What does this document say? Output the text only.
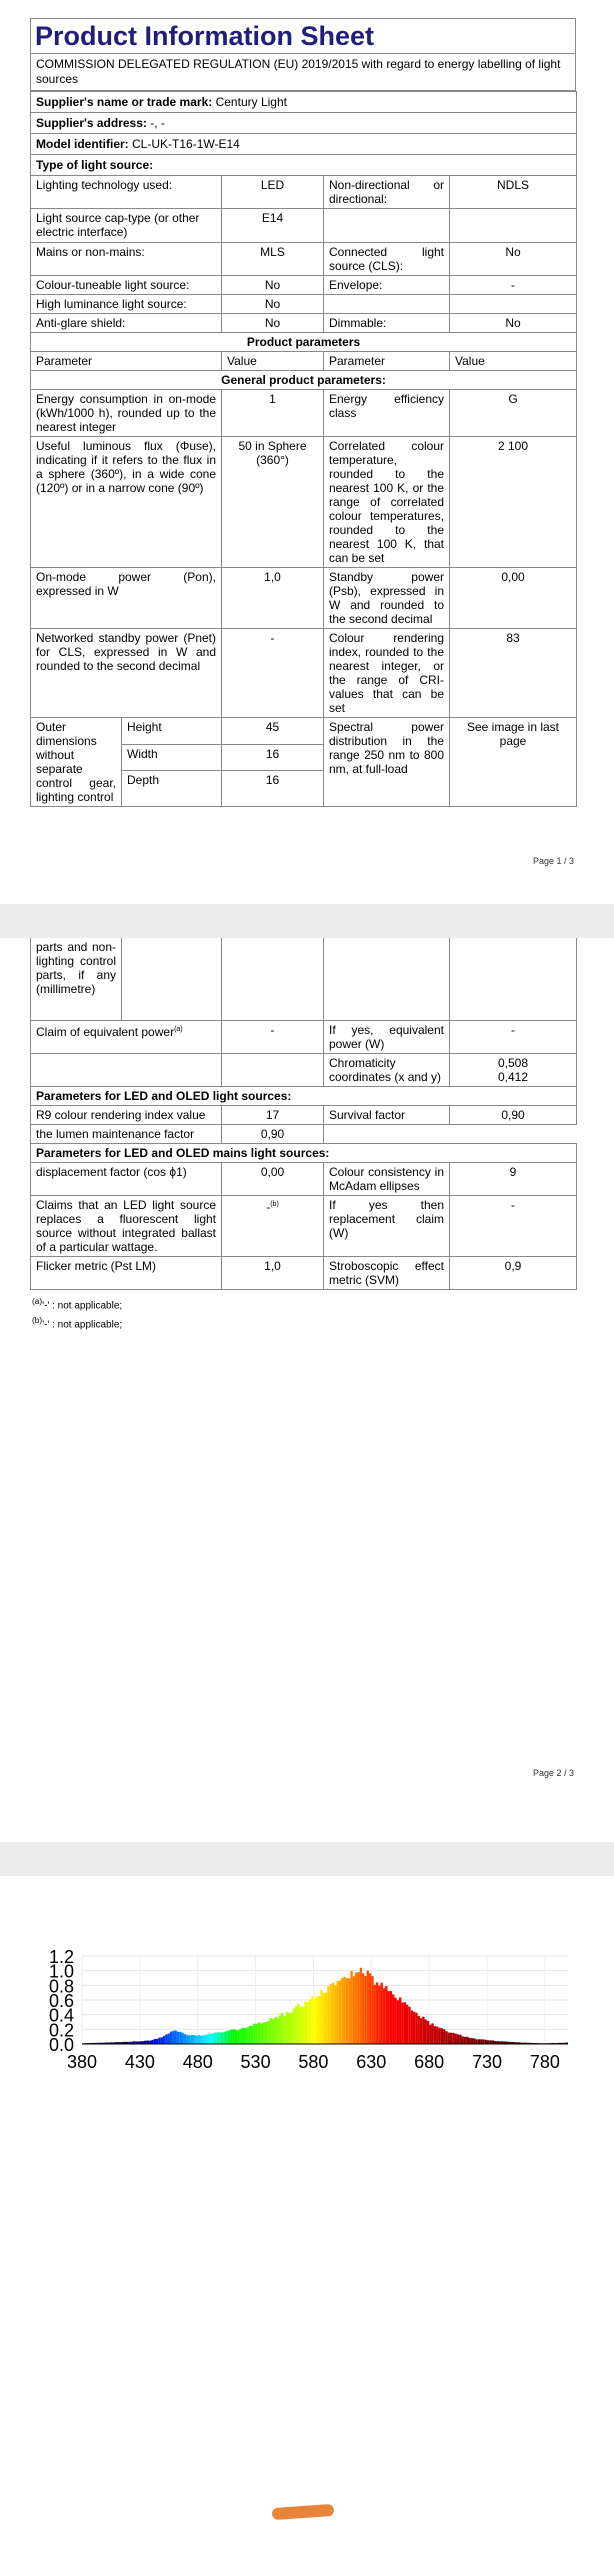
Product Information Sheet
COMMISSION DELEGATED REGULATION (EU) 2019/2015 with regard to energy labelling of light sources
Supplier's name or trade mark: Century Light				
Supplier's address: -, -				
Model identifier: CL-UK-T16-1W-E14				
Type of light source:				
Lighting technology used:		LED	Non-directional or directional:	NDLS
Light source cap-type (or other electric interface)		E14		
Mains or non-mains:		MLS	Connected light source (CLS):	No
Colour-tuneable light source:		No	Envelope:	-
High luminance light source:		No		
Anti-glare shield:		No	Dimmable:	No
Product parameters				
Parameter		Value	Parameter	Value
General product parameters:				
Energy consumption in on-mode (kWh/1000 h), rounded up to the nearest integer		1	Energy efficiency class	G
Useful luminous flux (Φuse), indicating if it refers to the flux in a sphere (360º), in a wide cone (120º) or in a narrow cone (90º)		50 in Sphere (360°)	Correlated colour temperature, rounded to the nearest 100 K, or the range of correlated colour temperatures, rounded to the nearest 100 K, that can be set	2 100
On-mode power (Pon), expressed in W		1,0	Standby power (Psb), expressed in W and rounded to the second decimal	0,00
Networked standby power (Pnet) for CLS, expressed in W and rounded to the second decimal		-	Colour rendering index, rounded to the nearest integer, or the range of CRI-values that can be set	83
Outer dimensions without separate control gear, lighting control	Height	45	Spectral power distribution in the range 250 nm to 800 nm, at full-load	See image in last page
	Width	16		
	Depth	16		
Page 1 / 3
parts and non-lighting control parts, if any (millimetre)				
Claim of equivalent power$^{(a)}$		-	If yes, equivalent power (W)	-
			Chromaticity coordinates (x and y)	0,508
0,412

Parameters for LED and OLED light sources:				
R9 colour rendering index value		17	Survival factor	0,90
the lumen maintenance factor		0,90		
Parameters for LED and OLED mains light sources:				
displacement factor (cos ϕ1)		0,00	Colour consistency in McAdam ellipses	9
Claims that an LED light source replaces a fluorescent light source without integrated ballast of a particular wattage.		-$^{(b)}$	If yes then replacement claim (W)	-
Flicker metric (Pst LM)		1,0	Stroboscopic effect metric (SVM)	0,9
$^{(a)}$'-' : not applicable;
$^{(b)}$'-' : not applicable;
Page 2 / 3
0.0
0.2
0.4
0.6
0.8
1.0
1.2
380 430 480 530 580 630 680 730 780
